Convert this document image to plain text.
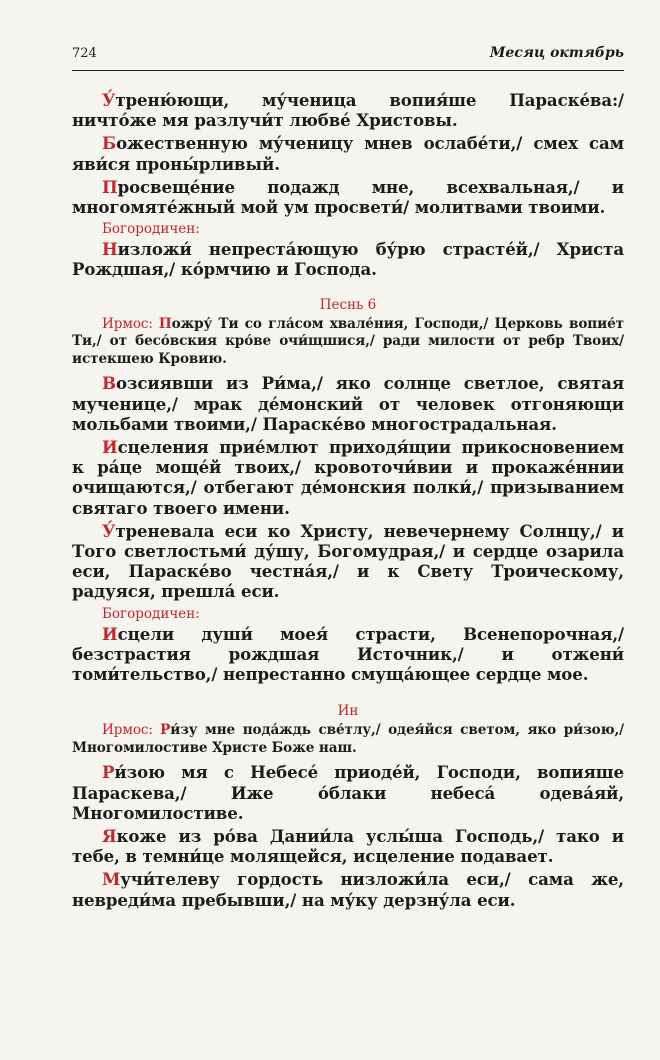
724	Месяц октябрь

У́треню́ющи, му́ченица вопия́ше Параске́ва:/ ничто́же мя разлучи́т любве́ Христовы.

Божественную му́ченицу мнев ослабе́ти,/ смех сам яви́ся проны́рливый.

Просвеще́ние подажд мне, всехвальная,/ и многомяте́жный мой ум просвети́/ молитвами твоими.

Богородичен:

Низложи́ непреста́ющую бу́рю страсте́й,/ Христа Рождшая,/ ко́рмчию и Господа.

Песнь 6

Ирмос: Пожру́ Ти со гла́сом хвале́ния, Господи,/ Церковь вопие́т Ти,/ от бесо́вския кро́ве очи́щшися,/ ради милости от ребр Твоих/ истекшею Кровию.

Возсиявши из Ри́ма,/ яко солнце светлое, святая мученице,/ мрак де́монский от человек отгоняющи мольбами твоими,/ Параске́во многострадальная.

Исцеления прие́млют приходя́щии прикосновением к ра́це моще́й твоих,/ кровоточи́вии и прокаже́ннии очищаются,/ отбегают де́монския полки́,/ призыванием святаго твоего имени.

У́треневала еси ко Христу, невечернему Солнцу,/ и Того светлостьми́ ду́шу, Богомудрая,/ и сердце озарила еси, Параске́во честна́я,/ и к Свету Троическому, радуяся, прешла́ еси.

Богородичен:

Исцели души́ моея́ страсти, Всенепорочная,/ безстрастия рождшая Источник,/ и отжени́ томи́тельство,/ непрестанно смуща́ющее сердце мое.

Ин

Ирмос: Ри́зу мне пода́ждь све́тлу,/ одея́йся светом, яко ри́зою,/ Многомилостиве Христе Боже наш.

Ри́зою мя с Небесе́ приоде́й, Господи, вопияше Параскева,/ Иже о́блаки небеса́ одева́яй, Многомилостиве.

Якоже из ро́ва Дании́ла услы́ша Господь,/ тако и тебе, в темни́це молящейся, исцеление подавает.

Мучи́телеву гордость низложи́ла еси,/ сама же, невреди́ма пребывши,/ на му́ку дерзну́ла еси.
